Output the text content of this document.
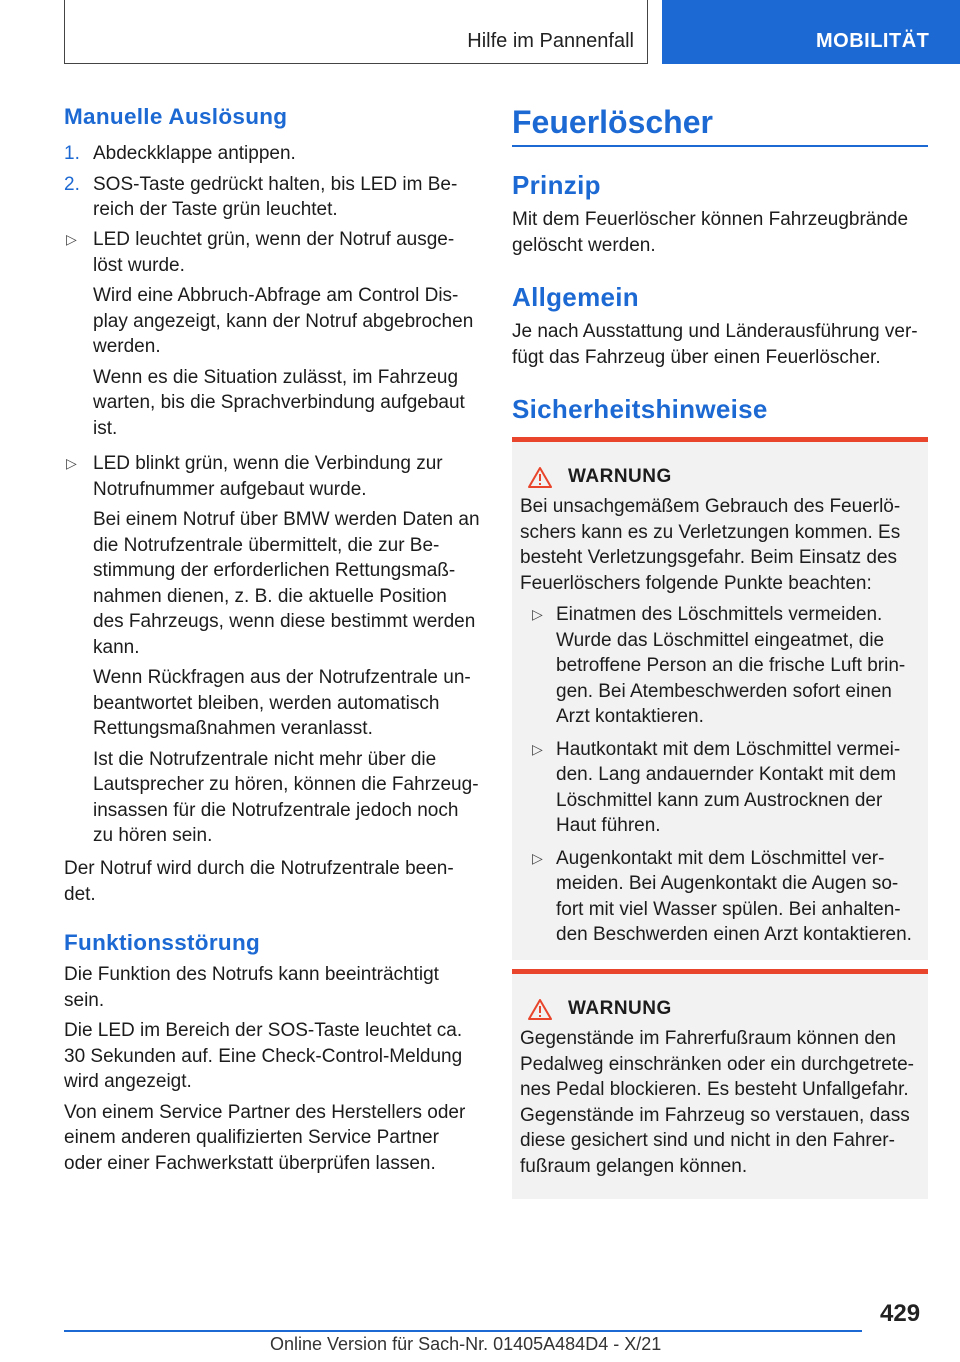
Hilfe im Pannenfall	MOBILITÄT
Manuelle Auslösung
1. Abdeckklappe antippen.
2. SOS-Taste gedrückt halten, bis LED im Be-reich der Taste grün leuchtet.
▷ LED leuchtet grün, wenn der Notruf ausge-löst wurde.
Wird eine Abbruch-Abfrage am Control Dis-play angezeigt, kann der Notruf abgebrochen werden.
Wenn es die Situation zulässt, im Fahrzeug warten, bis die Sprachverbindung aufgebaut ist.
▷ LED blinkt grün, wenn die Verbindung zur Notrufnummer aufgebaut wurde.
Bei einem Notruf über BMW werden Daten an die Notrufzentrale übermittelt, die zur Be-stimmung der erforderlichen Rettungsmaß-nahmen dienen, z. B. die aktuelle Position des Fahrzeugs, wenn diese bestimmt werden kann.
Wenn Rückfragen aus der Notrufzentrale un-beantwortet bleiben, werden automatisch Rettungsmaßnahmen veranlasst.
Ist die Notrufzentrale nicht mehr über die Lautsprecher zu hören, können die Fahrzeug-insassen für die Notrufzentrale jedoch noch zu hören sein.

Der Notruf wird durch die Notrufzentrale been-det.

Funktionsstörung

Die Funktion des Notrufs kann beeinträchtigt sein.

Die LED im Bereich der SOS-Taste leuchtet ca. 30 Sekunden auf. Eine Check-Control-Meldung wird angezeigt.

Von einem Service Partner des Herstellers oder einem anderen qualifizierten Service Partner oder einer Fachwerkstatt überprüfen lassen.

Feuerlöscher
Prinzip

Mit dem Feuerlöscher können Fahrzeugbrände gelöscht werden.

Allgemein

Je nach Ausstattung und Länderausführung ver-fügt das Fahrzeug über einen Feuerlöscher.

Sicherheitshinweise
WARNUNG

Bei unsachgemäßem Gebrauch des Feuerlö-schers kann es zu Verletzungen kommen. Es besteht Verletzungsgefahr. Beim Einsatz des Feuerlöschers folgende Punkte beachten:

▷ Einatmen des Löschmittels vermeiden. Wurde das Löschmittel eingeatmet, die betroffene Person an die frische Luft brin-gen. Bei Atembeschwerden sofort einen Arzt kontaktieren.
▷ Hautkontakt mit dem Löschmittel vermei-den. Lang andauernder Kontakt mit dem Löschmittel kann zum Austrocknen der Haut führen.
▷ Augenkontakt mit dem Löschmittel ver-meiden. Bei Augenkontakt die Augen so-fort mit viel Wasser spülen. Bei anhalten-den Beschwerden einen Arzt kontaktieren.
WARNUNG

Gegenstände im Fahrerfußraum können den Pedalweg einschränken oder ein durchgetrete-nes Pedal blockieren. Es besteht Unfallgefahr. Gegenstände im Fahrzeug so verstauen, dass diese gesichert sind und nicht in den Fahrer-fußraum gelangen können.

429
Online Version für Sach-Nr. 01405A484D4 - X/21
